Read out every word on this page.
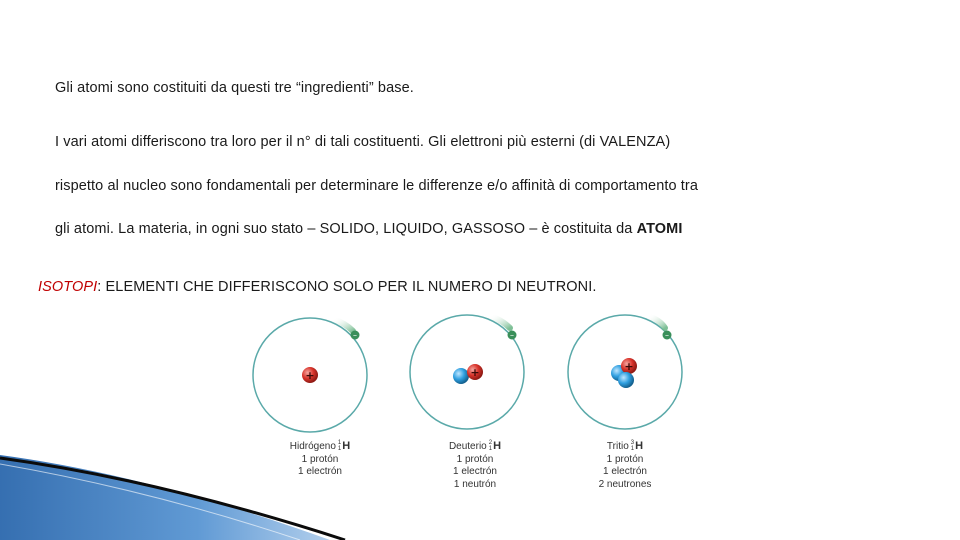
Gli atomi sono costituiti da questi tre “ingredienti” base.
I vari atomi differiscono tra loro per il n° di tali costituenti. Gli elettroni più esterni (di VALENZA)
rispetto al nucleo sono fondamentali per determinare le differenze e/o affinità di comportamento tra
gli atomi. La materia, in ogni suo stato – SOLIDO, LIQUIDO, GASSOSO – è costituita da ATOMI
ISOTOPI: ELEMENTI CHE DIFFERISCONO SOLO PER IL NUMERO DI NEUTRONI.
–
+
–
+
–
+
Hidrógeno 1
1H
1 protón
1 electrón
Deuterio 2
1H
1 protón
1 electrón
1 neutrón
Tritio 3
1H
1 protón
1 electrón
2 neutrones
